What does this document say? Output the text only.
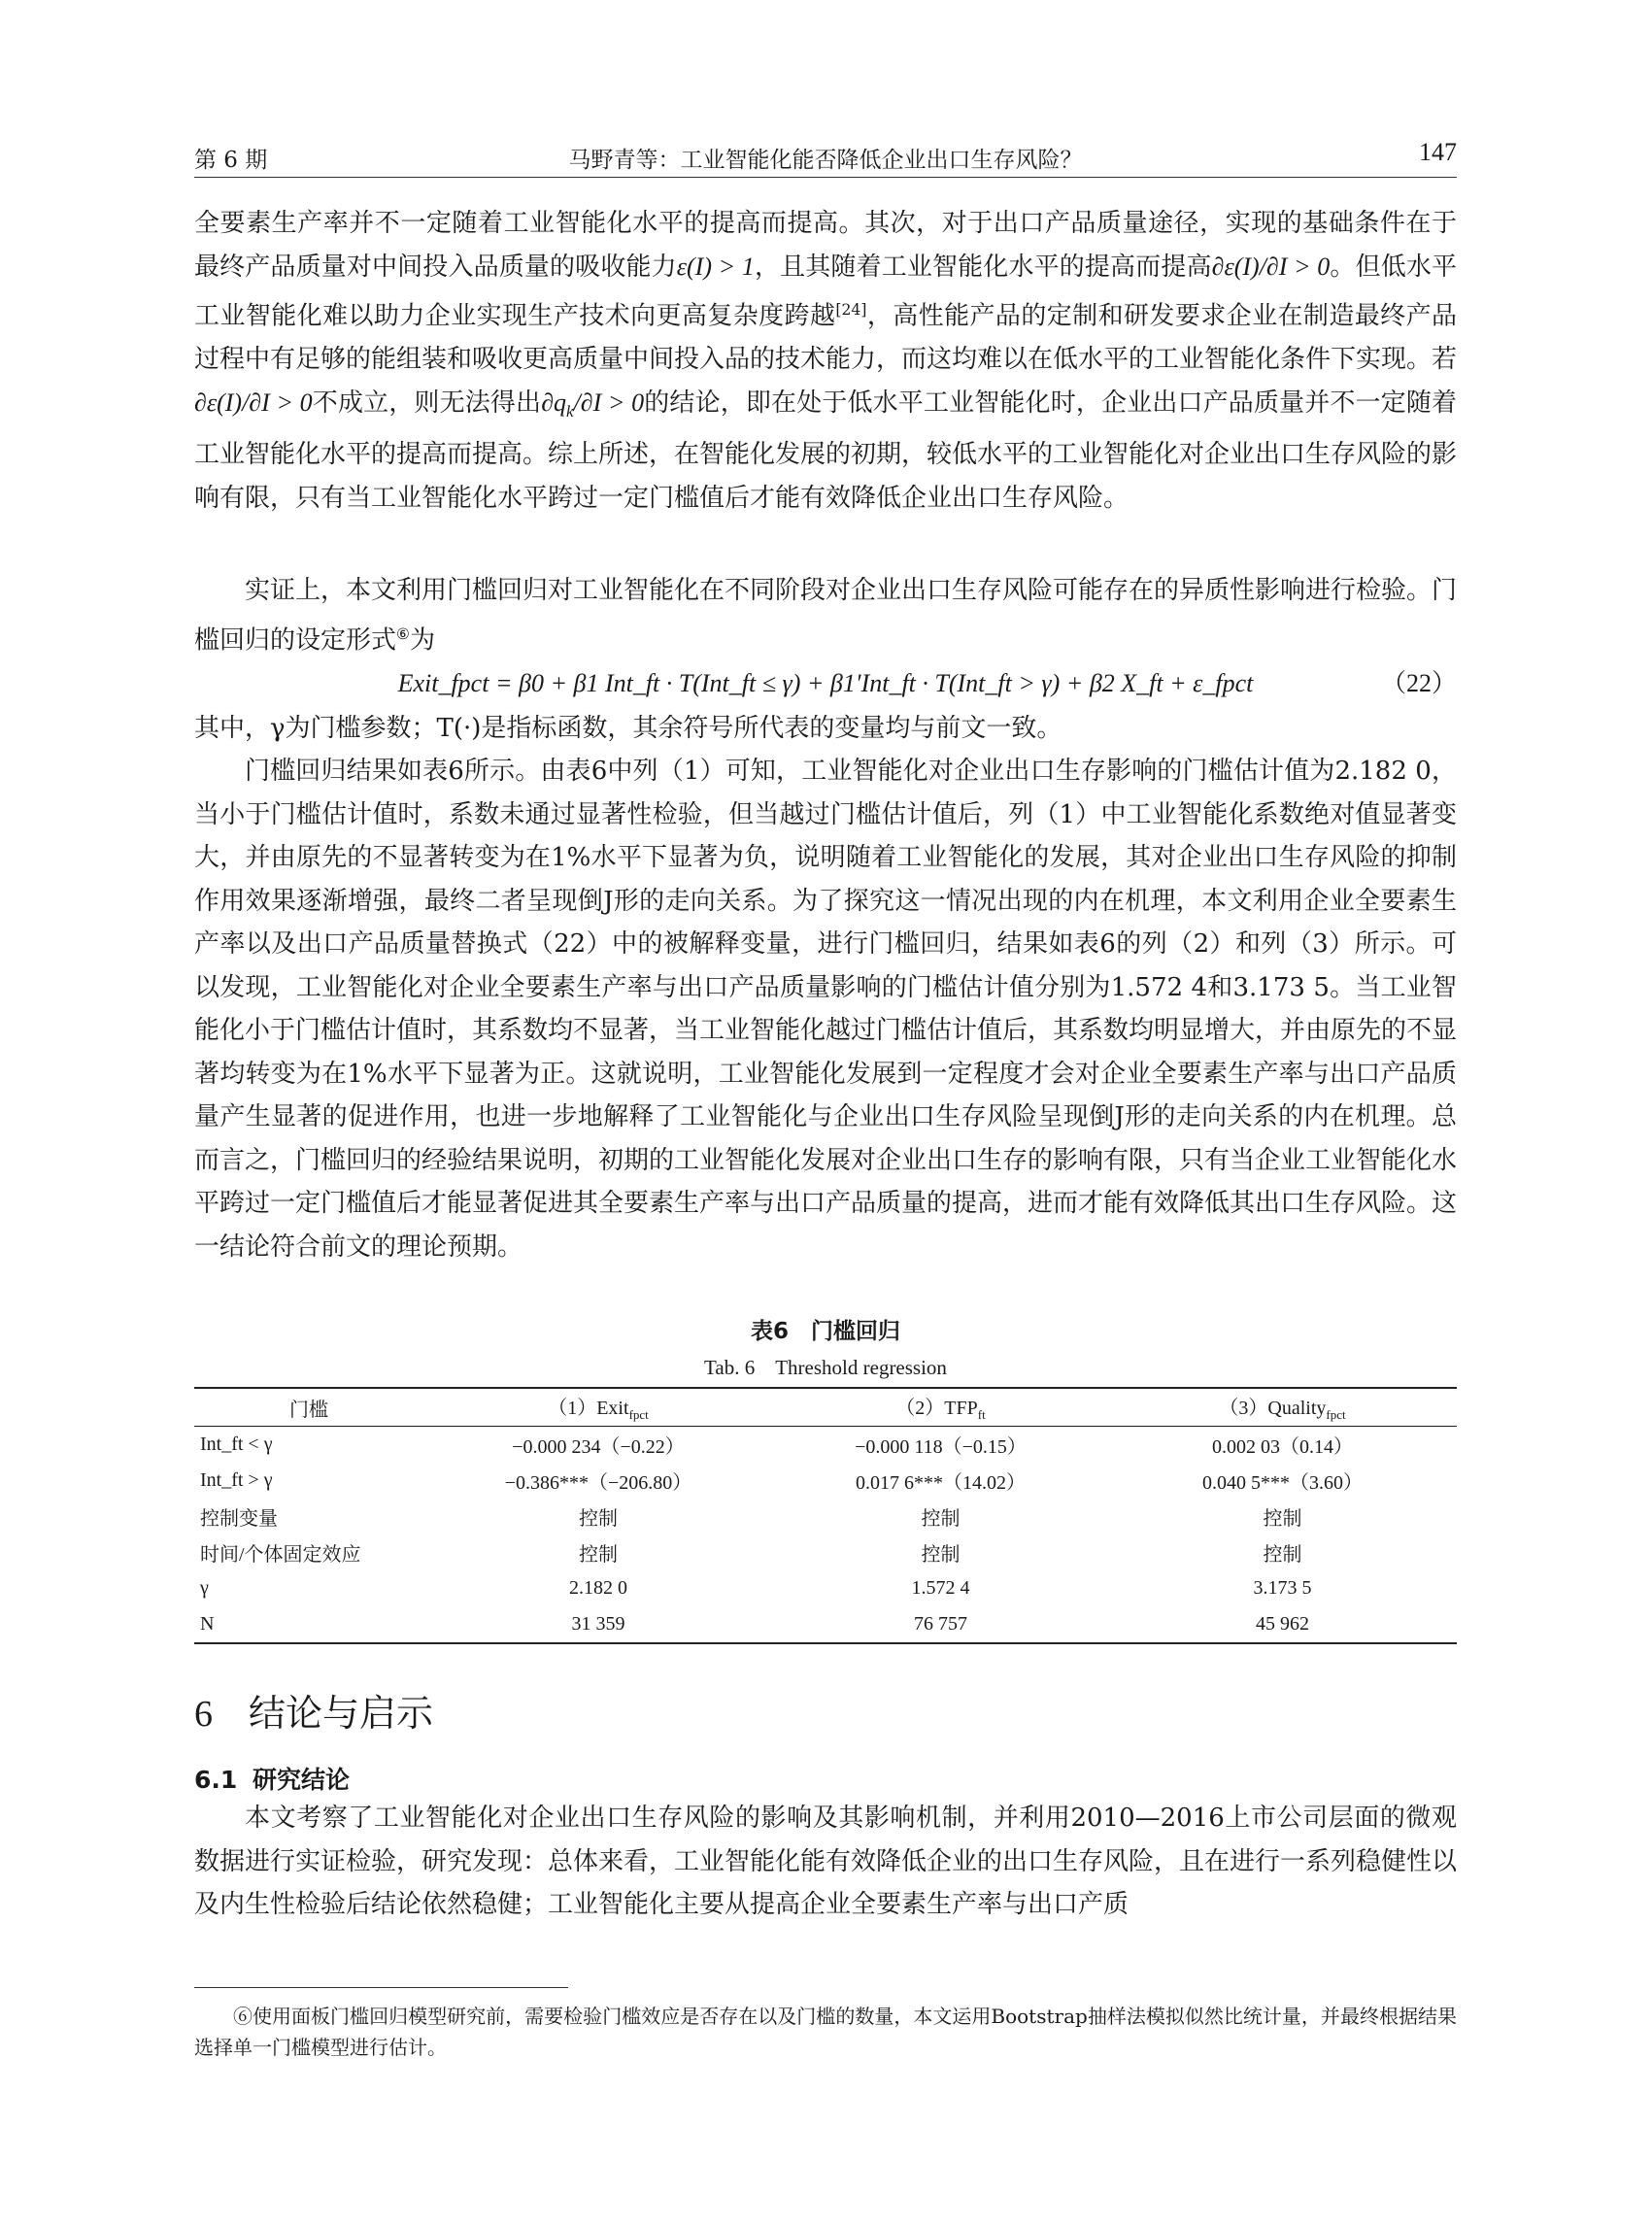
第 6 期	马野青等：工业智能化能否降低企业出口生存风险？	147

全要素生产率并不一定随着工业智能化水平的提高而提高。其次，对于出口产品质量途径，实现的基础条件在于最终产品质量对中间投入品质量的吸收能力ε(I) > 1，且其随着工业智能化水平的提高而提高∂ε(I)/∂I > 0。但低水平工业智能化难以助力企业实现生产技术向更高复杂度跨越[24]，高性能产品的定制和研发要求企业在制造最终产品过程中有足够的能组装和吸收更高质量中间投入品的技术能力，而这均难以在低水平的工业智能化条件下实现。若∂ε(I)/∂I > 0不成立，则无法得出$\partial q_k/\partial I > 0$的结论，即在处于低水平工业智能化时，企业出口产品质量并不一定随着工业智能化水平的提高而提高。综上所述，在智能化发展的初期，较低水平的工业智能化对企业出口生存风险的影响有限，只有当工业智能化水平跨过一定门槛值后才能有效降低企业出口生存风险。

实证上，本文利用门槛回归对工业智能化在不同阶段对企业出口生存风险可能存在的异质性影响进行检验。门槛回归的设定形式⑥为

Exit_fpct = β0 + β1 Int_ft · T(Int_ft ≤ γ) + β1′Int_ft · T(Int_ft > γ) + β2 X_ft + ε_fpct	（22）

其中，γ为门槛参数；T(·)是指标函数，其余符号所代表的变量均与前文一致。

门槛回归结果如表6所示。由表6中列（1）可知，工业智能化对企业出口生存影响的门槛估计值为2.182 0，当小于门槛估计值时，系数未通过显著性检验，但当越过门槛估计值后，列（1）中工业智能化系数绝对值显著变大，并由原先的不显著转变为在1%水平下显著为负，说明随着工业智能化的发展，其对企业出口生存风险的抑制作用效果逐渐增强，最终二者呈现倒J形的走向关系。为了探究这一情况出现的内在机理，本文利用企业全要素生产率以及出口产品质量替换式（22）中的被解释变量，进行门槛回归，结果如表6的列（2）和列（3）所示。可以发现，工业智能化对企业全要素生产率与出口产品质量影响的门槛估计值分别为1.572 4和3.173 5。当工业智能化小于门槛估计值时，其系数均不显著，当工业智能化越过门槛估计值后，其系数均明显增大，并由原先的不显著均转变为在1%水平下显著为正。这就说明，工业智能化发展到一定程度才会对企业全要素生产率与出口产品质量产生显著的促进作用，也进一步地解释了工业智能化与企业出口生存风险呈现倒J形的走向关系的内在机理。总而言之，门槛回归的经验结果说明，初期的工业智能化发展对企业出口生存的影响有限，只有当企业工业智能化水平跨过一定门槛值后才能显著促进其全要素生产率与出口产品质量的提高，进而才能有效降低其出口生存风险。这一结论符合前文的理论预期。

表6　门槛回归
Tab. 6　Threshold regression
门槛	（1）Exit$_{fpct}$	$(2)TFP_{ft}$	（3）Quality$_{fpct}$
Int_ft < γ	−0.000 234（−0.22）	−0.000 118（−0.15）	0.002 03（0.14）
Int_ft > γ	−0.386***（−206.80）	0.017 6***（14.02）	0.040 5***（3.60）
控制变量	控制	控制	控制
时间/个体固定效应	控制	控制	控制
γ	2.182 0	1.572 4	3.173 5
N	31 359	76 757	45 962
6 结论与启示
6.1 研究结论

本文考察了工业智能化对企业出口生存风险的影响及其影响机制，并利用2010—2016上市公司层面的微观数据进行实证检验，研究发现：总体来看，工业智能化能有效降低企业的出口生存风险，且在进行一系列稳健性以及内生性检验后结论依然稳健；工业智能化主要从提高企业全要素生产率与出口产质

⑥使用面板门槛回归模型研究前，需要检验门槛效应是否存在以及门槛的数量，本文运用Bootstrap抽样法模拟似然比统计量，并最终根据结果选择单一门槛模型进行估计。
